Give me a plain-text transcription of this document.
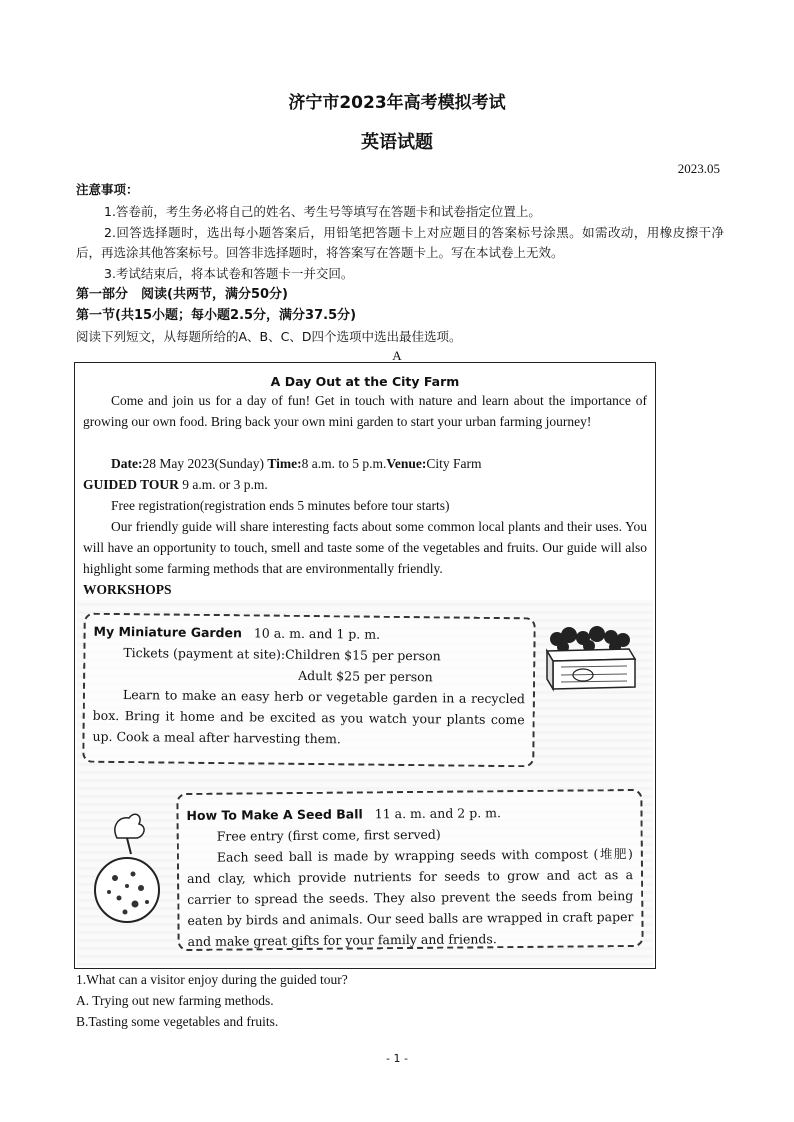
济宁市2023年高考模拟考试
英语试题
2023.05
注意事项：
1.答卷前，考生务必将自己的姓名、考生号等填写在答题卡和试卷指定位置上。
2.回答选择题时，选出每小题答案后，用铅笔把答题卡上对应题目的答案标号涂黑。如需改动，用橡皮擦干净后，再选涂其他答案标号。回答非选择题时，将答案写在答题卡上。写在本试卷上无效。
3.考试结束后，将本试卷和答题卡一并交回。
第一部分　阅读(共两节，满分50分)
第一节(共15小题；每小题2.5分，满分37.5分)
阅读下列短文，从每题所给的A、B、C、D四个选项中选出最佳选项。
A
A Day Out at the City Farm
Come and join us for a day of fun! Get in touch with nature and learn about the importance of growing our own food. Bring back your own mini garden to start your urban farming journey!
Date:28 May 2023(Sunday) Time:8 a.m. to 5 p.m.Venue:City Farm
GUIDED TOUR 9 a.m. or 3 p.m.
Free registration(registration ends 5 minutes before tour starts)
Our friendly guide will share interesting facts about some common local plants and their uses. You will have an opportunity to touch, smell and taste some of the vegetables and fruits. Our guide will also highlight some farming methods that are environmentally friendly.
WORKSHOPS
My Miniature Garden 10 a. m. and 1 p. m.
Tickets (payment at site):Children $15 per person
Adult $25 per person
Learn to make an easy herb or vegetable garden in a recycled box. Bring it home and be excited as you watch your plants come up. Cook a meal after harvesting them.
How To Make A Seed Ball 11 a. m. and 2 p. m.
Free entry (first come, first served)
Each seed ball is made by wrapping seeds with compost (堆肥) and clay, which provide nutrients for seeds to grow and act as a carrier to spread the seeds. They also prevent the seeds from being eaten by birds and animals. Our seed balls are wrapped in craft paper and make great gifts for your family and friends.
1.What can a visitor enjoy during the guided tour?
A. Trying out new farming methods.
B.Tasting some vegetables and fruits.
- 1 -
